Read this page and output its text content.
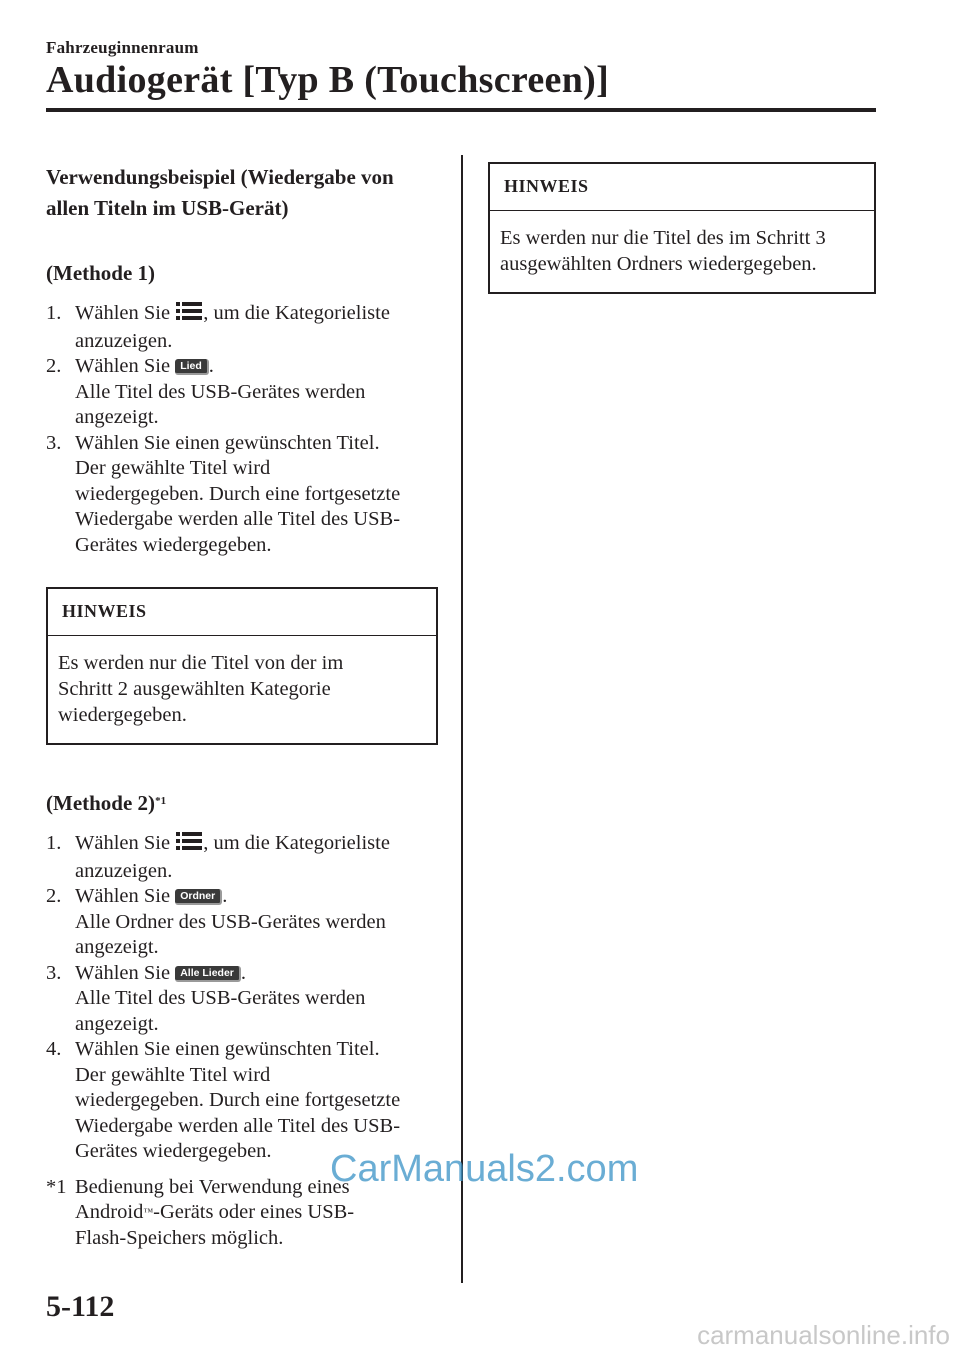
Fahrzeuginnenraum
Audiogerät [Typ B (Touchscreen)]
Verwendungsbeispiel (Wiedergabe von
allen Titeln im USB-Gerät)
(Methode 1)
1. Wählen Sie , um die Kategorieliste
anzuzeigen.
2. Wählen Sie Lied .
Alle Titel des USB-Gerätes werden
angezeigt.
3. Wählen Sie einen gewünschten Titel.
Der gewählte Titel wird
wiedergegeben. Durch eine fortgesetzte
Wiedergabe werden alle Titel des USB-
Gerätes wiedergegeben.
HINWEIS
Es werden nur die Titel von der im
Schritt 2 ausgewählten Kategorie
wiedergegeben.
(Methode 2)$^{*1}$
1. Wählen Sie , um die Kategorieliste
anzuzeigen.
2. Wählen Sie Ordner .
Alle Ordner des USB-Gerätes werden
angezeigt.
3. Wählen Sie Alle Lieder .
Alle Titel des USB-Gerätes werden
angezeigt.
4. Wählen Sie einen gewünschten Titel.
Der gewählte Titel wird
wiedergegeben. Durch eine fortgesetzte
Wiedergabe werden alle Titel des USB-
Gerätes wiedergegeben.
*1 Bedienung bei Verwendung eines
Android™-Geräts oder eines USB-
Flash-Speichers möglich.
HINWEIS
Es werden nur die Titel des im Schritt 3
ausgewählten Ordners wiedergegeben.
5-112
CarManuals2.com
carmanualsonline.info
